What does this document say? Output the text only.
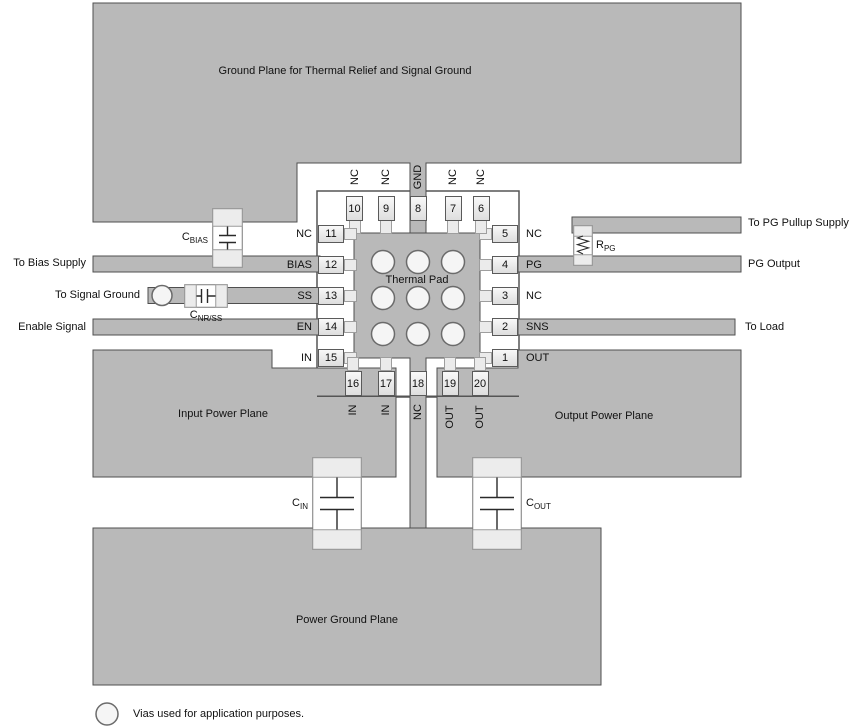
Ground Plane for Thermal Relief and Signal Ground
Input Power Plane	Output Power Plane
Power Ground Plane
Thermal Pad
1	OUT
2	SNS
3	NC
4	PG
5	NC
6
NC
7
NC
8
GND
9
NC
10
NC
11
NC
12
BIAS
13
SS
14
EN
15
IN
16
IN
17
IN
18
NC
19
OUT
20
OUT
$C_{BIAS}$
$C_{NR/SS}$
$R_{PG}$
$C_{IN}$	$C_{OUT}$
To Bias Supply
To Signal Ground
Enable Signal
To PG Pullup Supply
PG Output
To Load
Vias used for application purposes.
